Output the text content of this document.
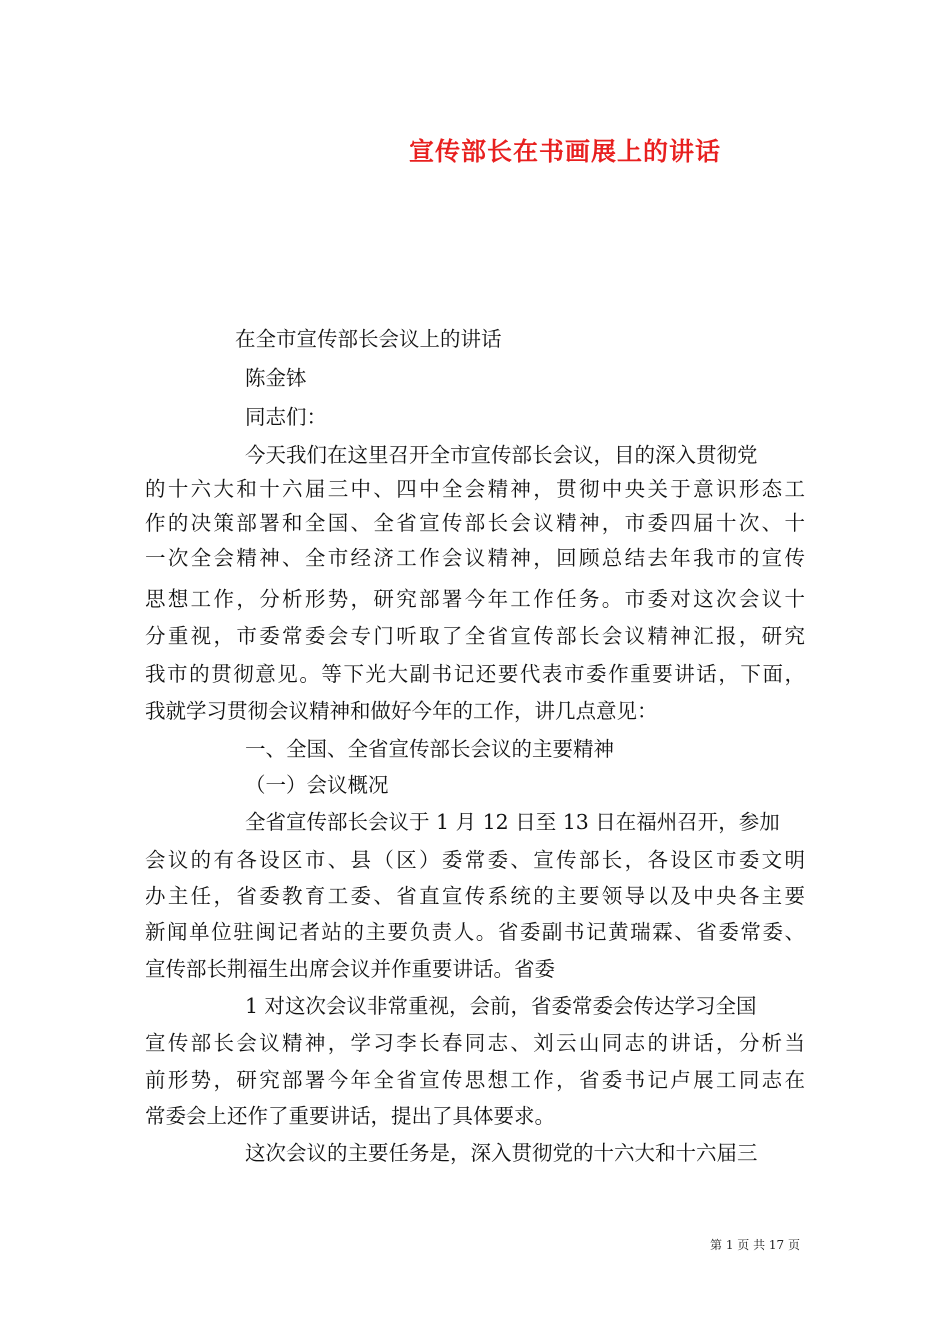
宣传部长在书画展上的讲话
在全市宣传部长会议上的讲话
陈金钵
同志们：
今天我们在这里召开全市宣传部长会议，目的深入贯彻党
的十六大和十六届三中、四中全会精神，贯彻中央关于意识形态工
作的决策部署和全国、全省宣传部长会议精神，市委四届十次、十
一次全会精神、全市经济工作会议精神，回顾总结去年我市的宣传
思想工作，分析形势，研究部署今年工作任务。市委对这次会议十
分重视，市委常委会专门听取了全省宣传部长会议精神汇报，研究
我市的贯彻意见。等下光大副书记还要代表市委作重要讲话，下面，
我就学习贯彻会议精神和做好今年的工作，讲几点意见：
一、全国、全省宣传部长会议的主要精神
（一）会议概况
全省宣传部长会议于 1 月 12 日至 13 日在福州召开，参加
会议的有各设区市、县（区）委常委、宣传部长，各设区市委文明
办主任，省委教育工委、省直宣传系统的主要领导以及中央各主要
新闻单位驻闽记者站的主要负责人。省委副书记黄瑞霖、省委常委、
宣传部长荆福生出席会议并作重要讲话。省委
1 对这次会议非常重视，会前，省委常委会传达学习全国
宣传部长会议精神，学习李长春同志、刘云山同志的讲话，分析当
前形势，研究部署今年全省宣传思想工作，省委书记卢展工同志在
常委会上还作了重要讲话，提出了具体要求。
这次会议的主要任务是，深入贯彻党的十六大和十六届三
第 1 页 共 17 页
